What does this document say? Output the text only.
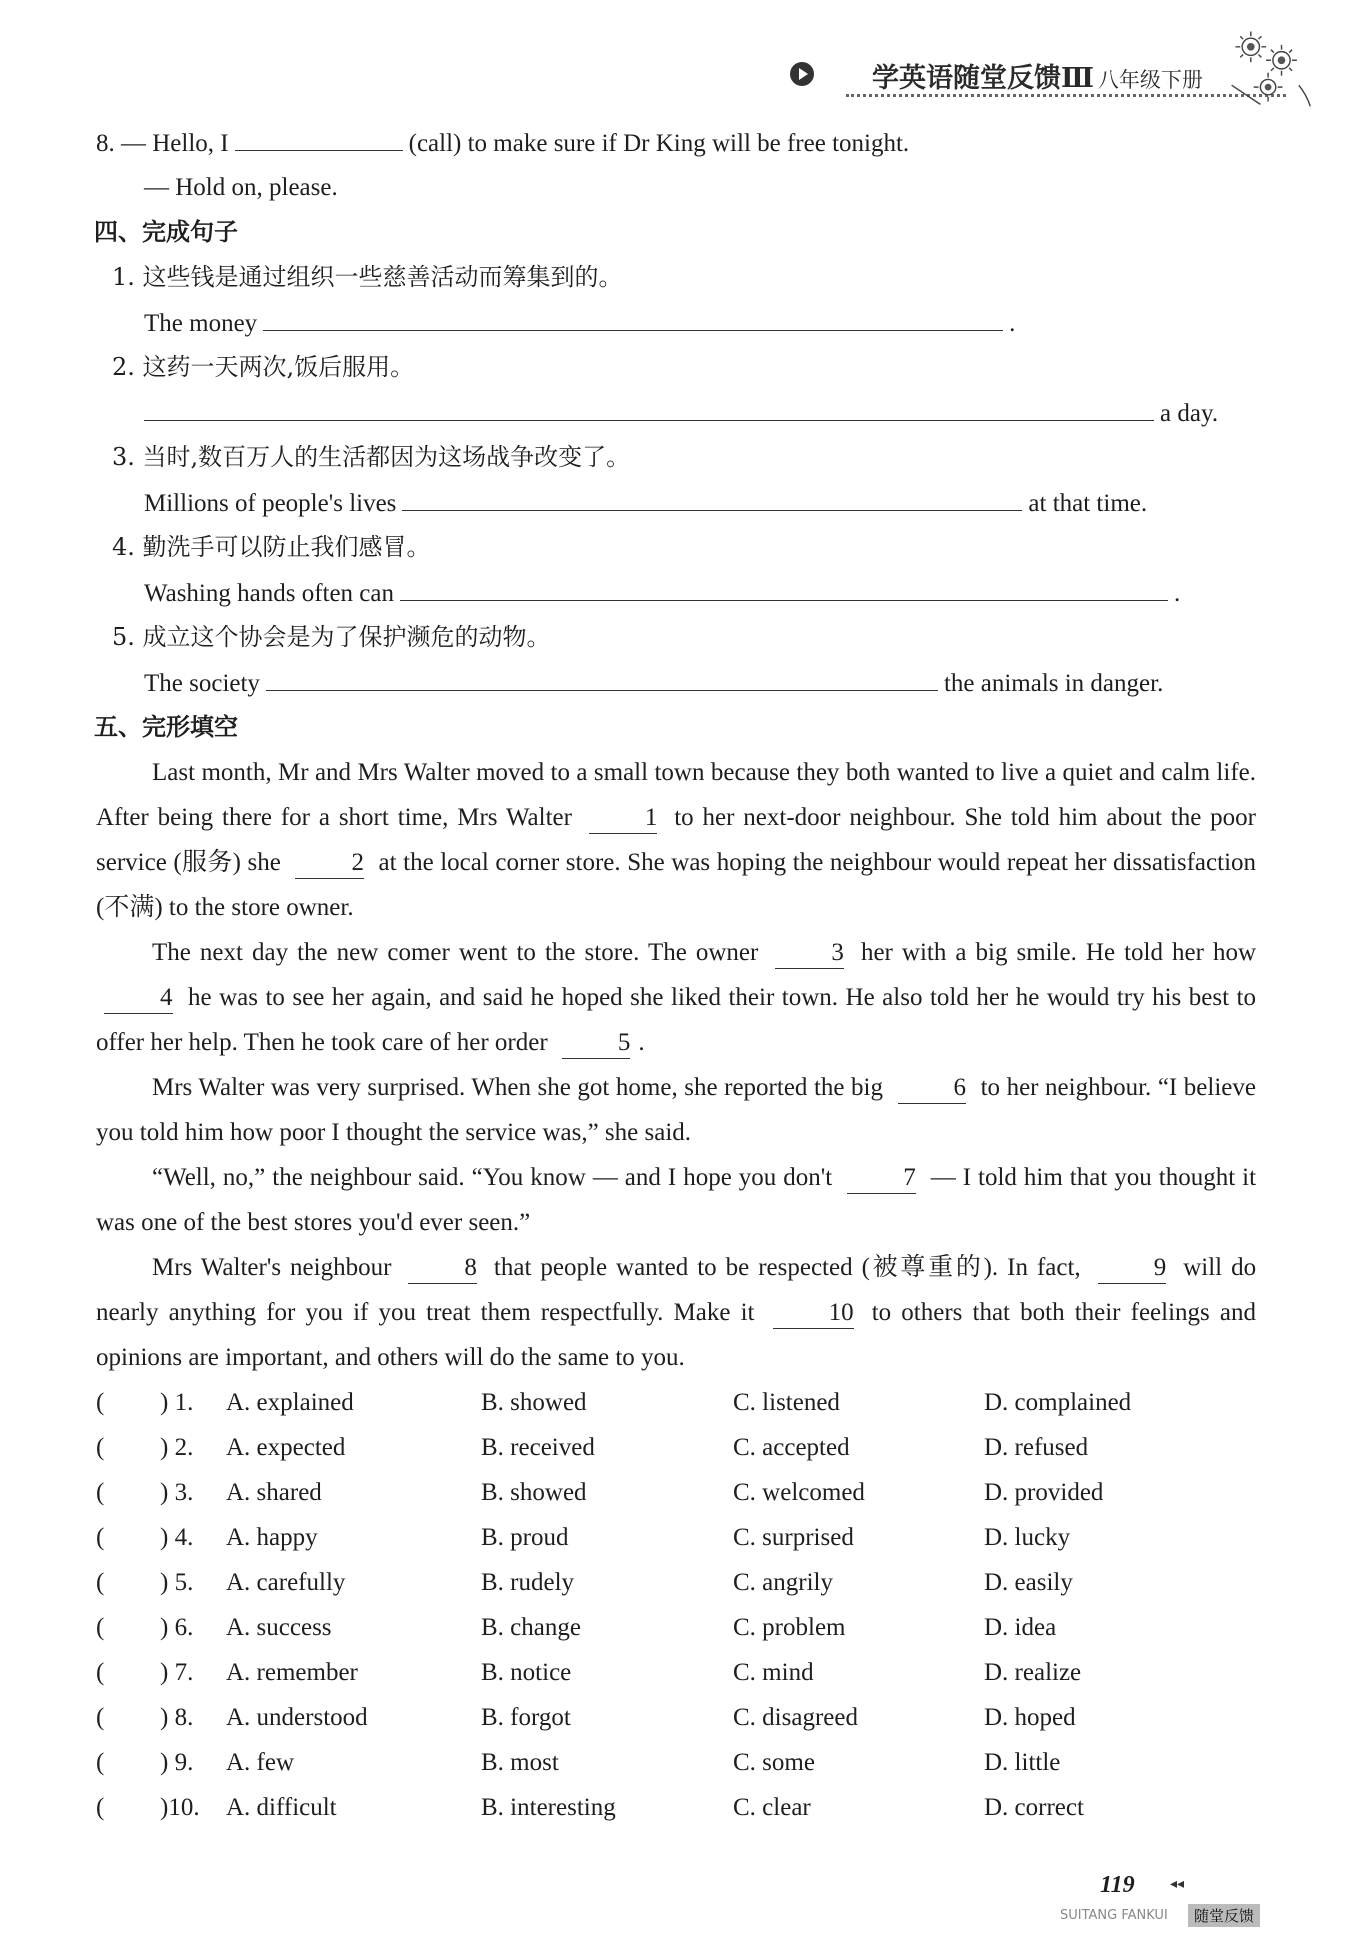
学英语随堂反馈Ⅲ 八年级下册
8. — Hello, I	(call) to make sure if Dr King will be free tonight.
— Hold on, please.
四、完成句子
1. 这些钱是通过组织一些慈善活动而筹集到的。
The money	.
2. 这药一天两次,饭后服用。
a day.
3. 当时,数百万人的生活都因为这场战争改变了。
Millions of people's lives	at that time.
4. 勤洗手可以防止我们感冒。
Washing hands often can	.
5. 成立这个协会是为了保护濒危的动物。
The society	the animals in danger.
五、完形填空

Last month, Mr and Mrs Walter moved to a small town because they both wanted to live a quiet and calm life. After being there for a short time, Mrs Walter	1 to her next-door neighbour. She told him about the poor service (服务) she	2 at the local corner store. She was hoping the neighbour would repeat her dissatisfaction (不满) to the store owner.

The next day the new comer went to the store. The owner	3 her with a big smile. He told her how 4 he was to see her again, and said he hoped she liked their town. He also told her he would try his best to offer her help. Then he took care of her order	5 .

Mrs Walter was very surprised. When she got home, she reported the big	6 to her neighbour. “I believe you told him how poor I thought the service was,” she said.

“Well, no,” the neighbour said. “You know — and I hope you don't	7 — I told him that you thought it was one of the best stores you'd ever seen.”

Mrs Walter's neighbour	8 that people wanted to be respected (被尊重的). In fact,	9 will do nearly anything for you if you treat them respectfully. Make it	10 to others that both their feelings and opinions are important, and others will do the same to you.

( ) 1. A. explained	B. showed	C. listened	D. complained
( ) 2. A. expected	B. received	C. accepted	D. refused
( ) 3. A. shared	B. showed	C. welcomed	D. provided
( ) 4. A. happy	B. proud	C. surprised	D. lucky
( ) 5. A. carefully	B. rudely	C. angrily	D. easily
( ) 6. A. success	B. change	C. problem	D. idea
( ) 7. A. remember	B. notice	C. mind	D. realize
( ) 8. A. understood	B. forgot	C. disagreed	D. hoped
( ) 9. A. few	B. most	C. some	D. little
( )10. A. difficult	B. interesting	C. clear	D. correct
119	◂◂
SUITANG FANKUI	随堂反馈
